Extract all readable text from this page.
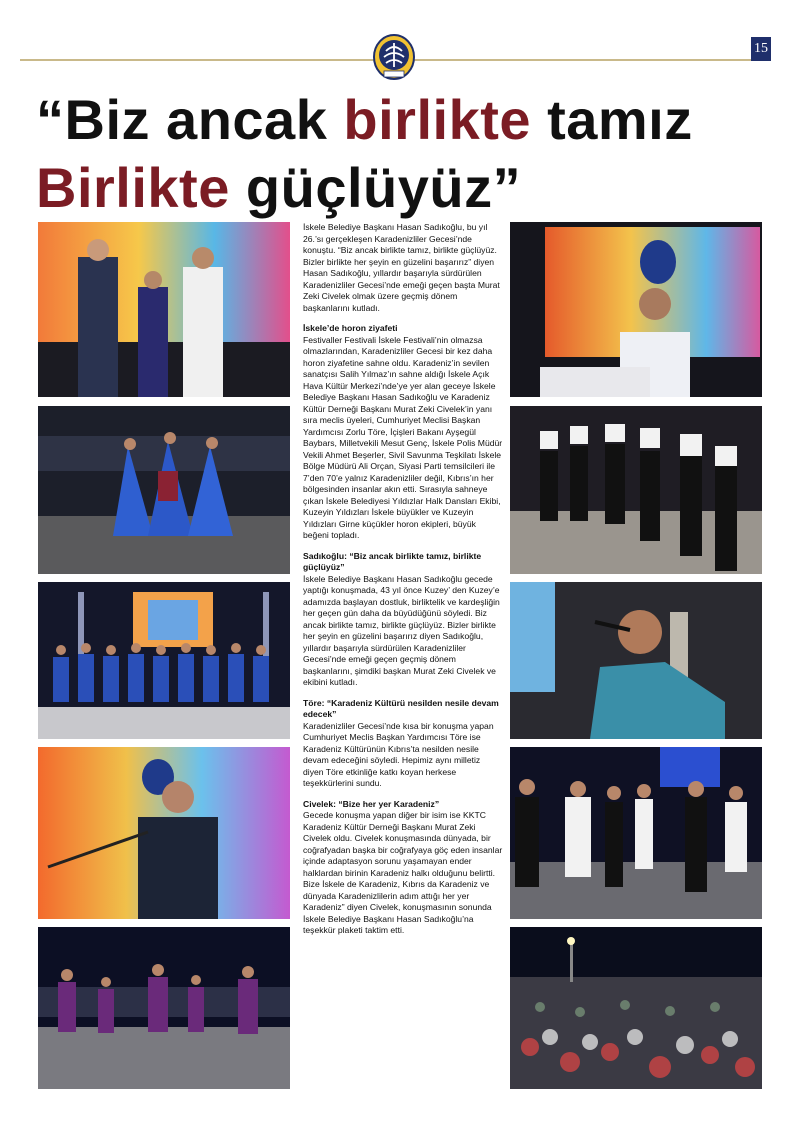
15
“Biz ancak birlikte tamız
Birlikte güçlüyüz”

İskele Belediye Başkanı Hasan Sadıkoğlu, bu yıl 26.’sı gerçekleşen Karadenizliler Gecesi’nde konuştu. “Biz ancak birlikte tamız, birlikte güçlüyüz. Bizler birlikte her şeyin en güzelini başarırız” diyen Hasan Sadıkoğlu, yıllardır başarıyla sürdürülen Karadenizliler Gecesi’nde emeği geçen başta Murat Zeki Civelek olmak üzere geçmiş dönem başkanlarını kutladı.

İskele’de horon ziyafeti
Festivaller Festivali İskele Festivali’nin olmazsa olmazlarından, Karadenizliler Gecesi bir kez daha horon ziyafetine sahne oldu. Karadeniz’in sevilen sanatçısı Salih Yılmaz’ın sahne aldığı İskele Açık Hava Kültür Merkezi’nde’ye yer alan geceye İskele Belediye Başkanı Hasan Sadıkoğlu ve Karadeniz Kültür Derneği Başkanı Murat Zeki Civelek’in yanı sıra meclis üyeleri, Cumhuriyet Meclisi Başkan Yardımcısı Zorlu Töre, İçişleri Bakanı Ayşegül Baybars, Milletvekili Mesut Genç, İskele Polis Müdür Vekili Ahmet Beşerler, Sivil Savunma Teşkilatı İskele Bölge Müdürü Ali Orçan, Siyasi Parti temsilcileri ile 7’den 70’e yalnız Karadenizliler değil, Kıbrıs’ın her bölgesinden insanlar akın etti. Sırasıyla sahneye çıkan İskele Belediyesi Yıldızlar Halk Dansları Ekibi, Kuzeyin Yıldızları İskele büyükler ve Kuzeyin Yıldızları Girne küçükler horon ekipleri, büyük beğeni topladı.

Sadıkoğlu: “Biz ancak birlikte tamız, birlikte güçlüyüz”
İskele Belediye Başkanı Hasan Sadıkoğlu gecede yaptığı konuşmada, 43 yıl önce Kuzey’ den Kuzey’e adamızda başlayan dostluk, birliktelik ve kardeşliğin her geçen gün daha da büyüdüğünü söyledi. Biz ancak birlikte tamız, birlikte güçlüyüz. Bizler birlikte her şeyin en güzelini başarırız diyen Sadıkoğlu, yıllardır başarıyla sürdürülen Karadenizliler Gecesi’nde emeği geçen geçmiş dönem başkanlarını, şimdiki başkan Murat Zeki Civelek ve ekibini kutladı.

Töre: “Karadeniz Kültürü nesilden nesile devam edecek”
Karadenizliler Gecesi’nde kısa bir konuşma yapan Cumhuriyet Meclis Başkan Yardımcısı Töre ise Karadeniz Kültürünün Kıbrıs’ta nesilden nesile devam edeceğini söyledi. Hepimiz aynı milletiz diyen Töre etkinliğe katkı koyan herkese teşekkürlerini sundu.

Civelek: “Bize her yer Karadeniz”
Gecede konuşma yapan diğer bir isim ise KKTC Karadeniz Kültür Derneği Başkanı Murat Zeki Civelek oldu. Civelek konuşmasında dünyada, bir coğrafyadan başka bir coğrafyaya göç eden insanlar içinde adaptasyon sorunu yaşamayan ender halklardan birinin Karadeniz halkı olduğunu belirtti. Bize İskele de Karadeniz, Kıbrıs da Karadeniz ve dünyada Karadenizlilerin adım attığı her yer Karadeniz” diyen Civelek, konuşmasının sonunda İskele Belediye Başkanı Hasan Sadıkoğlu’na teşekkür plaketi taktim etti.
